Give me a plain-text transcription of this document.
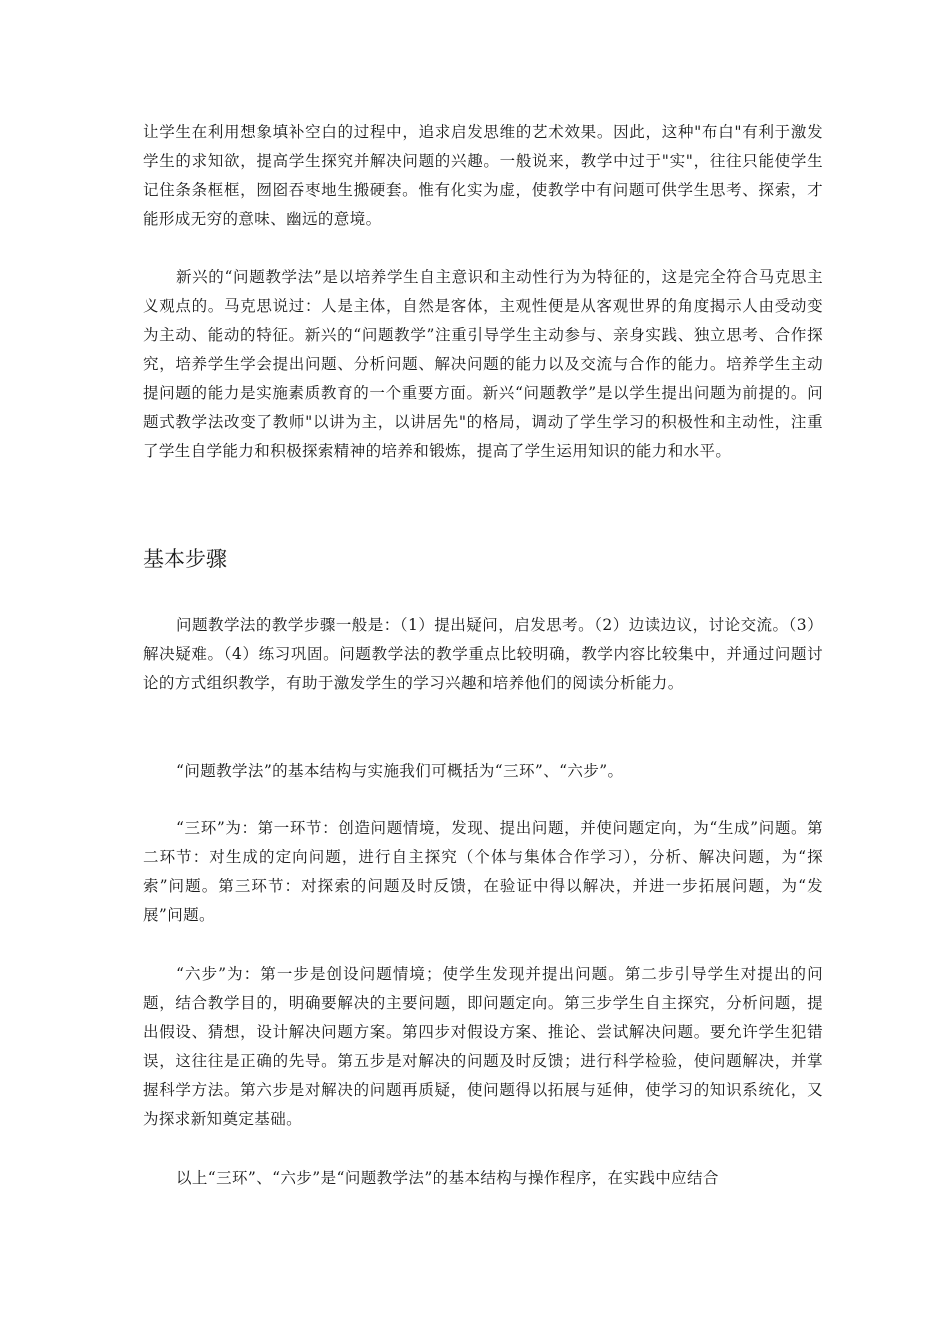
让学生在利用想象填补空白的过程中，追求启发思维的艺术效果。因此，这种"布白"有利于激发学生的求知欲，提高学生探究并解决问题的兴趣。一般说来，教学中过于"实"，往往只能使学生记住条条框框，囫囵吞枣地生搬硬套。惟有化实为虚，使教学中有问题可供学生思考、探索，才能形成无穷的意味、幽远的意境。

新兴的“问题教学法”是以培养学生自主意识和主动性行为为特征的，这是完全符合马克思主义观点的。马克思说过：人是主体，自然是客体，主观性便是从客观世界的角度揭示人由受动变为主动、能动的特征。新兴的“问题教学”注重引导学生主动参与、亲身实践、独立思考、合作探究，培养学生学会提出问题、分析问题、解决问题的能力以及交流与合作的能力。培养学生主动提问题的能力是实施素质教育的一个重要方面。新兴“问题教学”是以学生提出问题为前提的。问题式教学法改变了教师"以讲为主，以讲居先"的格局，调动了学生学习的积极性和主动性，注重了学生自学能力和积极探索精神的培养和锻炼，提高了学生运用知识的能力和水平。

基本步骤

问题教学法的教学步骤一般是：（1）提出疑问，启发思考。（2）边读边议，讨论交流。（3）解决疑难。（4）练习巩固。问题教学法的教学重点比较明确，教学内容比较集中，并通过问题讨论的方式组织教学，有助于激发学生的学习兴趣和培养他们的阅读分析能力。

“问题教学法”的基本结构与实施我们可概括为“三环”、“六步”。

“三环”为：第一环节：创造问题情境，发现、提出问题，并使问题定向，为“生成”问题。第二环节：对生成的定向问题，进行自主探究（个体与集体合作学习），分析、解决问题，为“探索”问题。第三环节：对探索的问题及时反馈，在验证中得以解决，并进一步拓展问题，为“发展”问题。

“六步”为：第一步是创设问题情境；使学生发现并提出问题。第二步引导学生对提出的问题，结合教学目的，明确要解决的主要问题，即问题定向。第三步学生自主探究，分析问题，提出假设、猜想，设计解决问题方案。第四步对假设方案、推论、尝试解决问题。要允许学生犯错误，这往往是正确的先导。第五步是对解决的问题及时反馈；进行科学检验，使问题解决，并掌握科学方法。第六步是对解决的问题再质疑，使问题得以拓展与延伸，使学习的知识系统化，又为探求新知奠定基础。

以上“三环”、“六步”是“问题教学法”的基本结构与操作程序，在实践中应结合
